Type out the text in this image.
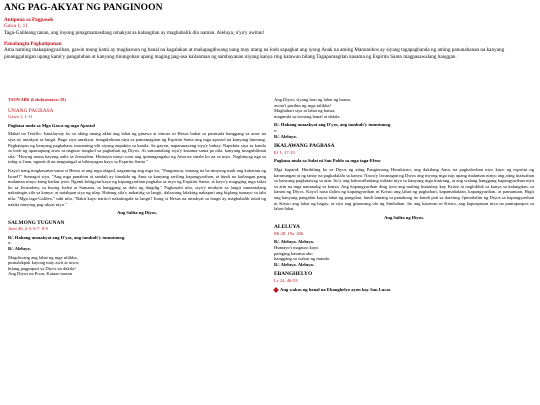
ANG PAG-AKYAT NG PANGINOON

Antipona sa Pagpasok

Gawa 1, 11

Taga-Galileang tanan, ang inyong pinagmamasdang umakyat sa kalangitan ay magbabalik din naman. Aleluya, ú'ya'y awitan!

Panalangin Pagkatipunan

Ama naming makapangyarihan, gawin mong kami ay magkaroon ng banal na kagalakan at makapagdiwang nang may utang na loob sapagkat ang iyong Anak na aming Manunubos ay siyang tagapagbanda ng aming panunahanan na kanyang pinanggalingan upang kami'y panguluhan at kanyang tinungohan upang maging pag-asa kailanman ng sambayanan niyang kanya ring katawan bilang Tagapamagitan kasama ng Espiritu Santo magpasawalang hanggan.

TAON ABK (Lekshyonaryo: 58)

UNANG PAGBASA

Gawa 1, 1-11

Pagbasa mula sa Mga Gawa ng mga Apostol

Mahal na Teofilo: Isinalaysay ko sa aking unang aklat ang lahat ng ginawa at itinuro ni Hesus buhat sa pasimula hanggang sa araw na siya·ay umakyat sa langit. Bago siya umakyat, tinagubilinan niya sa pamamagitan ng Espiritu Santo ang mga apostol na kanyang hinirang. Pagkatapos ng kanyang pagkabata, maraming ulit siyang napakita sa kanila. Sa gayon, napatunayang siya'y buhay. Napakita siya sa kanila sa loob ng apatnapung araw at nagturo tungkol sa paghahari ng Diyos. At samantalang siya'y kasama-sama pa nila, kanyang tinagubilinan sila: "Huwag muna kayong aalis sa Jerusalem. Hintayin ninyo roon ang ipinangangako ng Ama na sinabi ko na sa inyo. Nagbinyag nga sa tubig si Juan, ngunit di na magtatagal at bibinyagan kayo sa Espiritu Santo."

Kaya't nang magkasama-sama si Hesus at ang mga alagad, nagtanong ang mga ito, "Panginoon, itatatag na ba ninyong muli ang kaharian ng Israel?" Sumagot siya, "Ang mga panahon at sandali ay itinakda ng Ama sa kanyang sariling kapangyarihan, at hindi na kailangan pang malaman ninyo kung kailan iyon. Ngunit bibigyan kayo ng kapangyarihan pagbaba sa inyo ng Espiritu Santo, at kayo'y magiging mga saksi ko sa Jerusalem, sa buong Judea at Samaria, at hanggang sa dulo ng daigdig." Pagkasabi nito, siya'y iniakyat sa langit samantalang nakatingin sila sa kanya; at natakpan siya ng ulap. Habang sila'y nakatitig sa langit, dalawang lalaking nakaputi ang biglang tumayo sa tabi nila. "Mga taga-Galilea," sabi nila, "Bakit kayo narito't nakatingala sa langit? Itong si Hesus na umakyat sa langit ay magbabalik tulad ng nakita ninyong pag-akyat niya."

Ang Salita ng Diyos.

SALMONG TUGUNAN

Awit 46, 2-3. 6-7. 8-9

R/. Habang umaakyat ang D'yos, ang tambuli'y tumutunog.

o:

R/. Aleluya.

Magdiwang ang lahat ng mga nilikha,

pumalakpak kayong may awit at tuwa,

bilang pagpupuri sa Diyos na dakila!

Ang Diyos na Poon, Kataas-taasan

Ang Diyos, siyang hari ng lahat ng bansa,

awitu't purihin ng mga nilikha!

Maghahari siya at lahat ng bansa,

magmula sa tronong banal at dakila.

R/. Habang umaakyat ang D'yos, ang tambuli'y tumutunog.

o:

R/. Aleluya.

IKALAWANG PAGBASA

Ef 1, 17-23

Pagbasa mula sa Sulat ni San Pablo sa mga taga-Efeso

Mga kapatid: Hinihiling ko sa Diyos ng ating Panginoong Hesukristo, ang dakilang Ama, na pagkalooban niyo kayo ng espiritu ng karunungan at ng tanay na pagkakilala sa kanya. Nawa'y liwanagan ng Diyos ang inyong mga isip upang malaman ninyo ang ating inaasahan sa kanyang pagkatawag sa atin. Ito'y ang kaluwalhatiang inilaan niya sa kanyang mga hinirang, at ang walang hanggang kapangyarihan niya sa atin na mga nananalig sa kanya. Ang kapangyarihan ding iyon ang muling bumuhay kay Kristo at naglukluk sa kanya sa kalangitan, sa kanan ng Diyos. Kaya't nasa ilalim ng kapangyarihan ni Kristo ang lahat ng paghahari, kapamahalaan, kapangyarihan, at pamunuan. Higit ang kanyang pangalan kaysa lahat ng pangalan, hindi lamang sa panahong ito kundi pati sa darating. Ipinailalim ng Diyos sa kapangyarihan ni Kristo ang lahat ng bagay, at siya ang ginawang ulo ng Simbahan. Ito ang katawan ni Kristo, ang kapuspusan niya na pumupuspos sa lahat-lahat.

Ang Salita ng Diyos.

ALELUYA

Mt 28, 19a. 20b

R/. Aleluya. Aleluya.

Humayo't magturo kayo

palaging kasama ako

hanggang sa wakas ng mundo.

R/. Aleluya. Aleluya.

EBANGHELYO

Lc 24, 46-53

Ang wakas ng banal na Ebanghelyo ayon kay San Lucas
